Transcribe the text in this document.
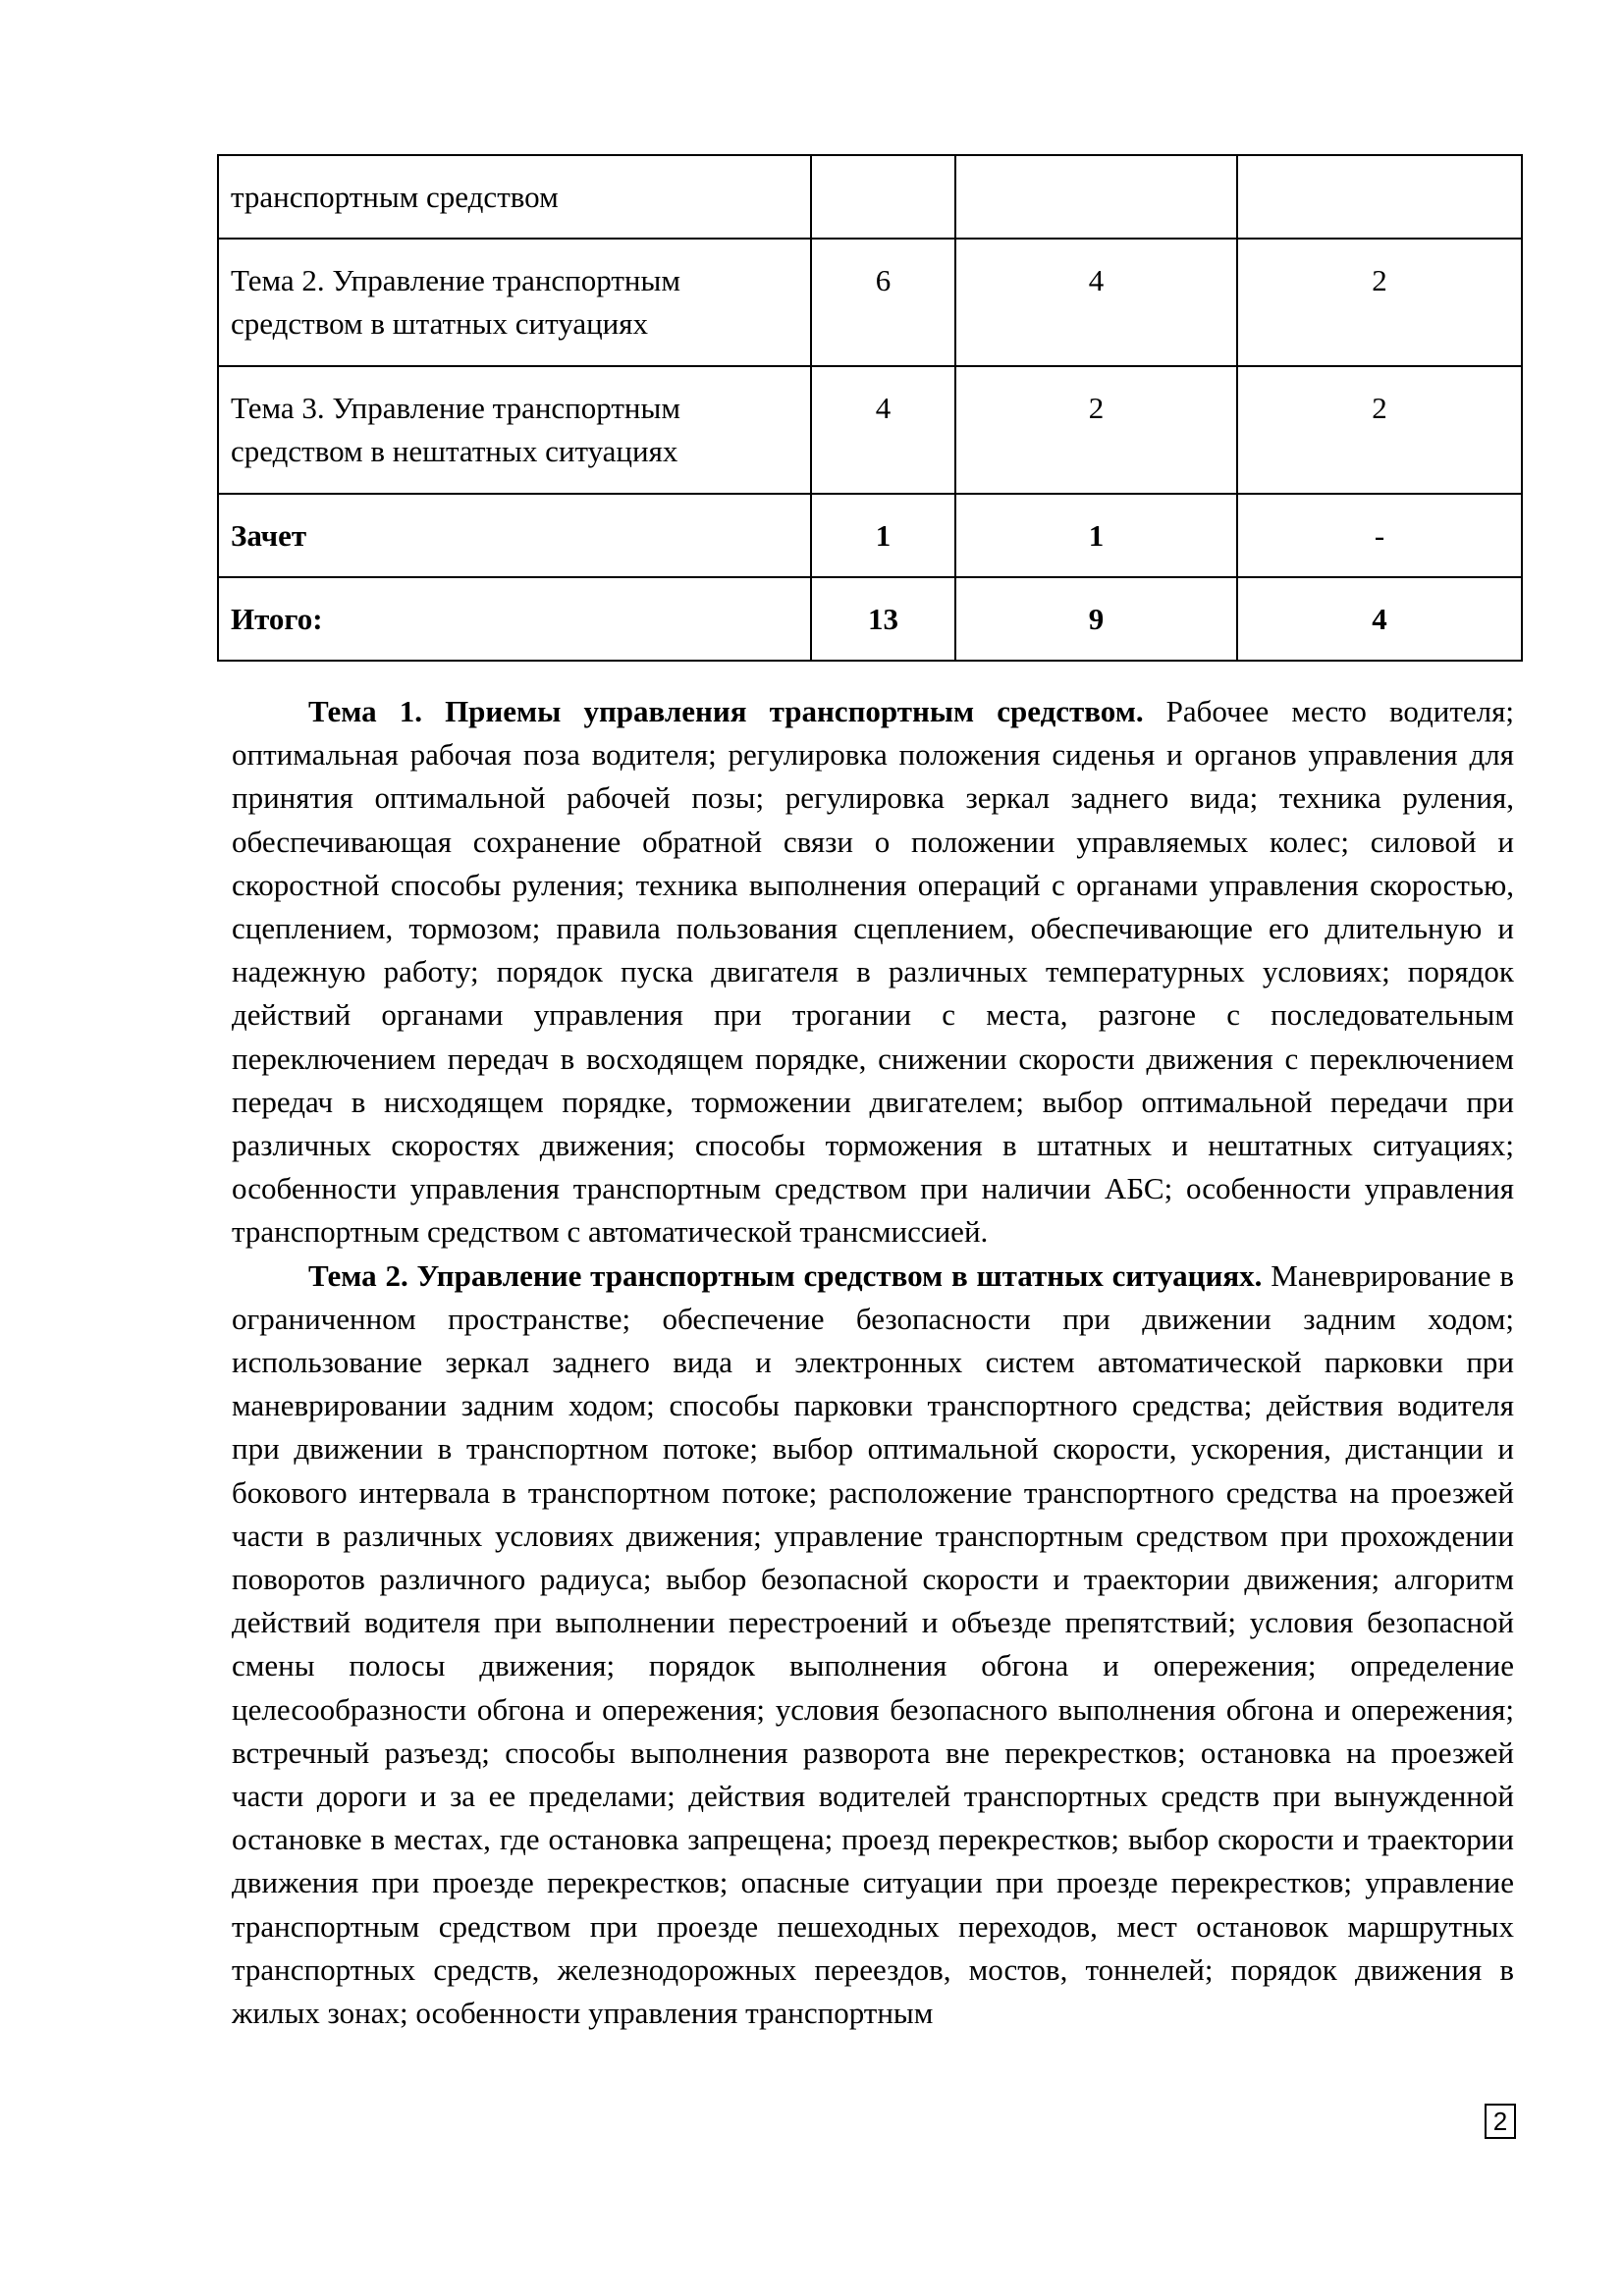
транспортным средством			
Тема 2. Управление транспортным средством в штатных ситуациях	6	4	2
Тема 3. Управление транспортным средством в нештатных ситуациях	4	2	2
Зачет	1	1	-
Итого:	13	9	4

Тема 1. Приемы управления транспортным средством. Рабочее место водителя; оптимальная рабочая поза водителя; регулировка положения сиденья и органов управления для принятия оптимальной рабочей позы; регулировка зеркал заднего вида; техника руления, обеспечивающая сохранение обратной связи о положении управляемых колес; силовой и скоростной способы руления; техника выполнения операций с органами управления скоростью, сцеплением, тормозом; правила пользования сцеплением, обеспечивающие его длительную и надежную работу; порядок пуска двигателя в различных температурных условиях; порядок действий органами управления при трогании с места, разгоне с последовательным переключением передач в восходящем порядке, снижении скорости движения с переключением передач в нисходящем порядке, торможении двигателем; выбор оптимальной передачи при различных скоростях движения; способы торможения в штатных и нештатных ситуациях; особенности управления транспортным средством при наличии АБС; особенности управления транспортным средством с автоматической трансмиссией.

Тема 2. Управление транспортным средством в штатных ситуациях. Маневрирование в ограниченном пространстве; обеспечение безопасности при движении задним ходом; использование зеркал заднего вида и электронных систем автоматической парковки при маневрировании задним ходом; способы парковки транспортного средства; действия водителя при движении в транспортном потоке; выбор оптимальной скорости, ускорения, дистанции и бокового интервала в транспортном потоке; расположение транспортного средства на проезжей части в различных условиях движения; управление транспортным средством при прохождении поворотов различного радиуса; выбор безопасной скорости и траектории движения; алгоритм действий водителя при выполнении перестроений и объезде препятствий; условия безопасной смены полосы движения; порядок выполнения обгона и опережения; определение целесообразности обгона и опережения; условия безопасного выполнения обгона и опережения; встречный разъезд; способы выполнения разворота вне перекрестков; остановка на проезжей части дороги и за ее пределами; действия водителей транспортных средств при вынужденной остановке в местах, где остановка запрещена; проезд перекрестков; выбор скорости и траектории движения при проезде перекрестков; опасные ситуации при проезде перекрестков; управление транспортным средством при проезде пешеходных переходов, мест остановок маршрутных транспортных средств, железнодорожных переездов, мостов, тоннелей; порядок движения в жилых зонах; особенности управления транспортным

2
